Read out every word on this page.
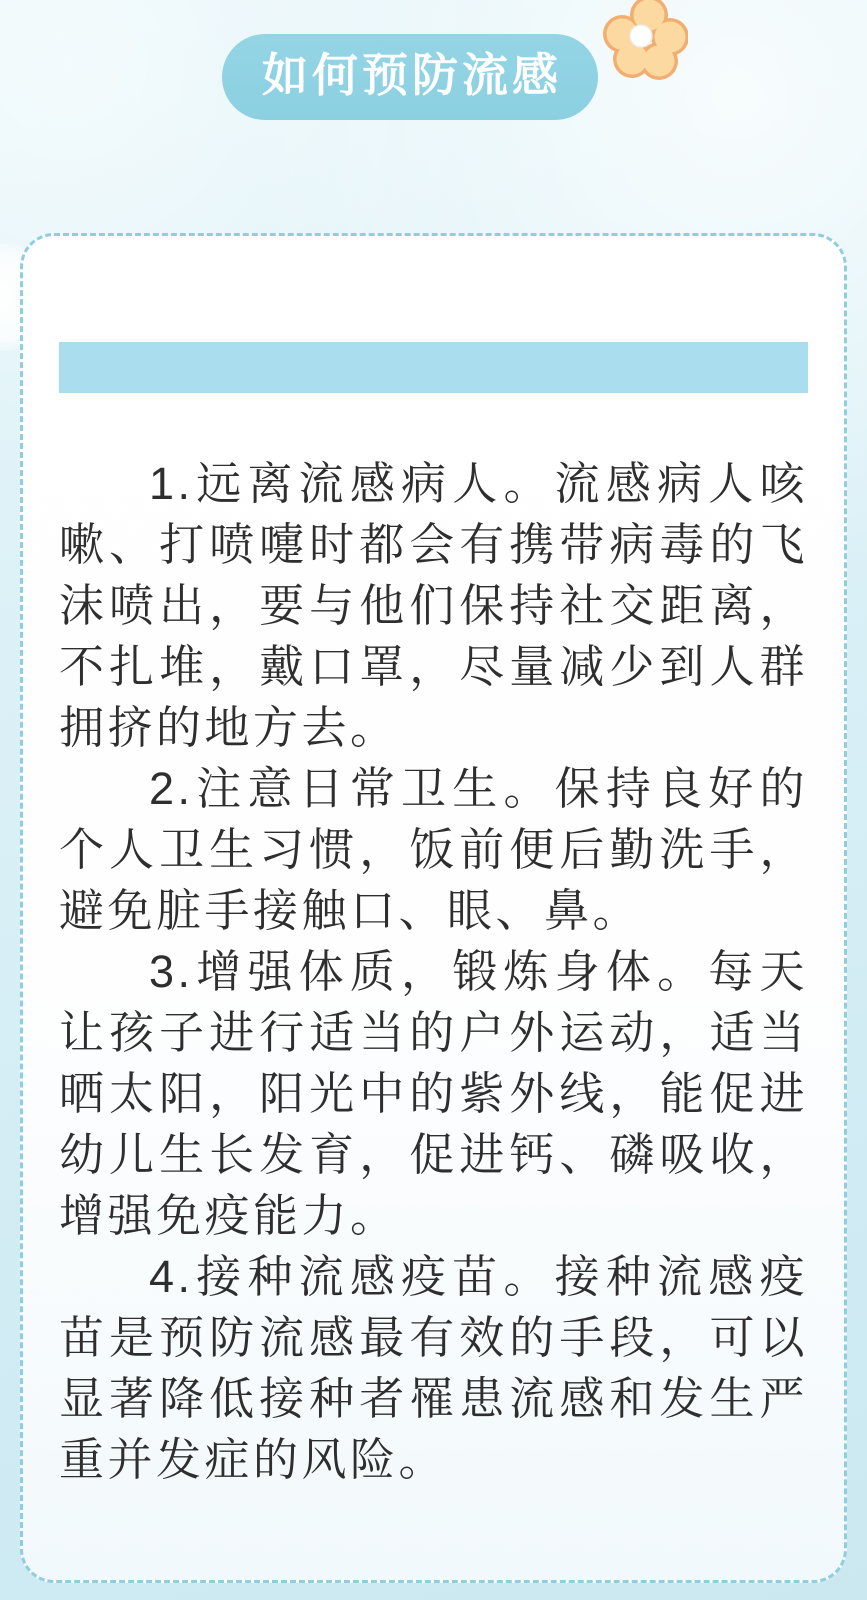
如何预防流感

1.远离流感病人。流感病人咳嗽、打喷嚏时都会有携带病毒的飞沫喷出，要与他们保持社交距离，不扎堆，戴口罩，尽量减少到人群拥挤的地方去。

2.注意日常卫生。保持良好的个人卫生习惯，饭前便后勤洗手，避免脏手接触口、眼、鼻。

3.增强体质，锻炼身体。每天让孩子进行适当的户外运动，适当晒太阳，阳光中的紫外线，能促进幼儿生长发育，促进钙、磷吸收，增强免疫能力。

4.接种流感疫苗。接种流感疫苗是预防流感最有效的手段，可以显著降低接种者罹患流感和发生严重并发症的风险。
